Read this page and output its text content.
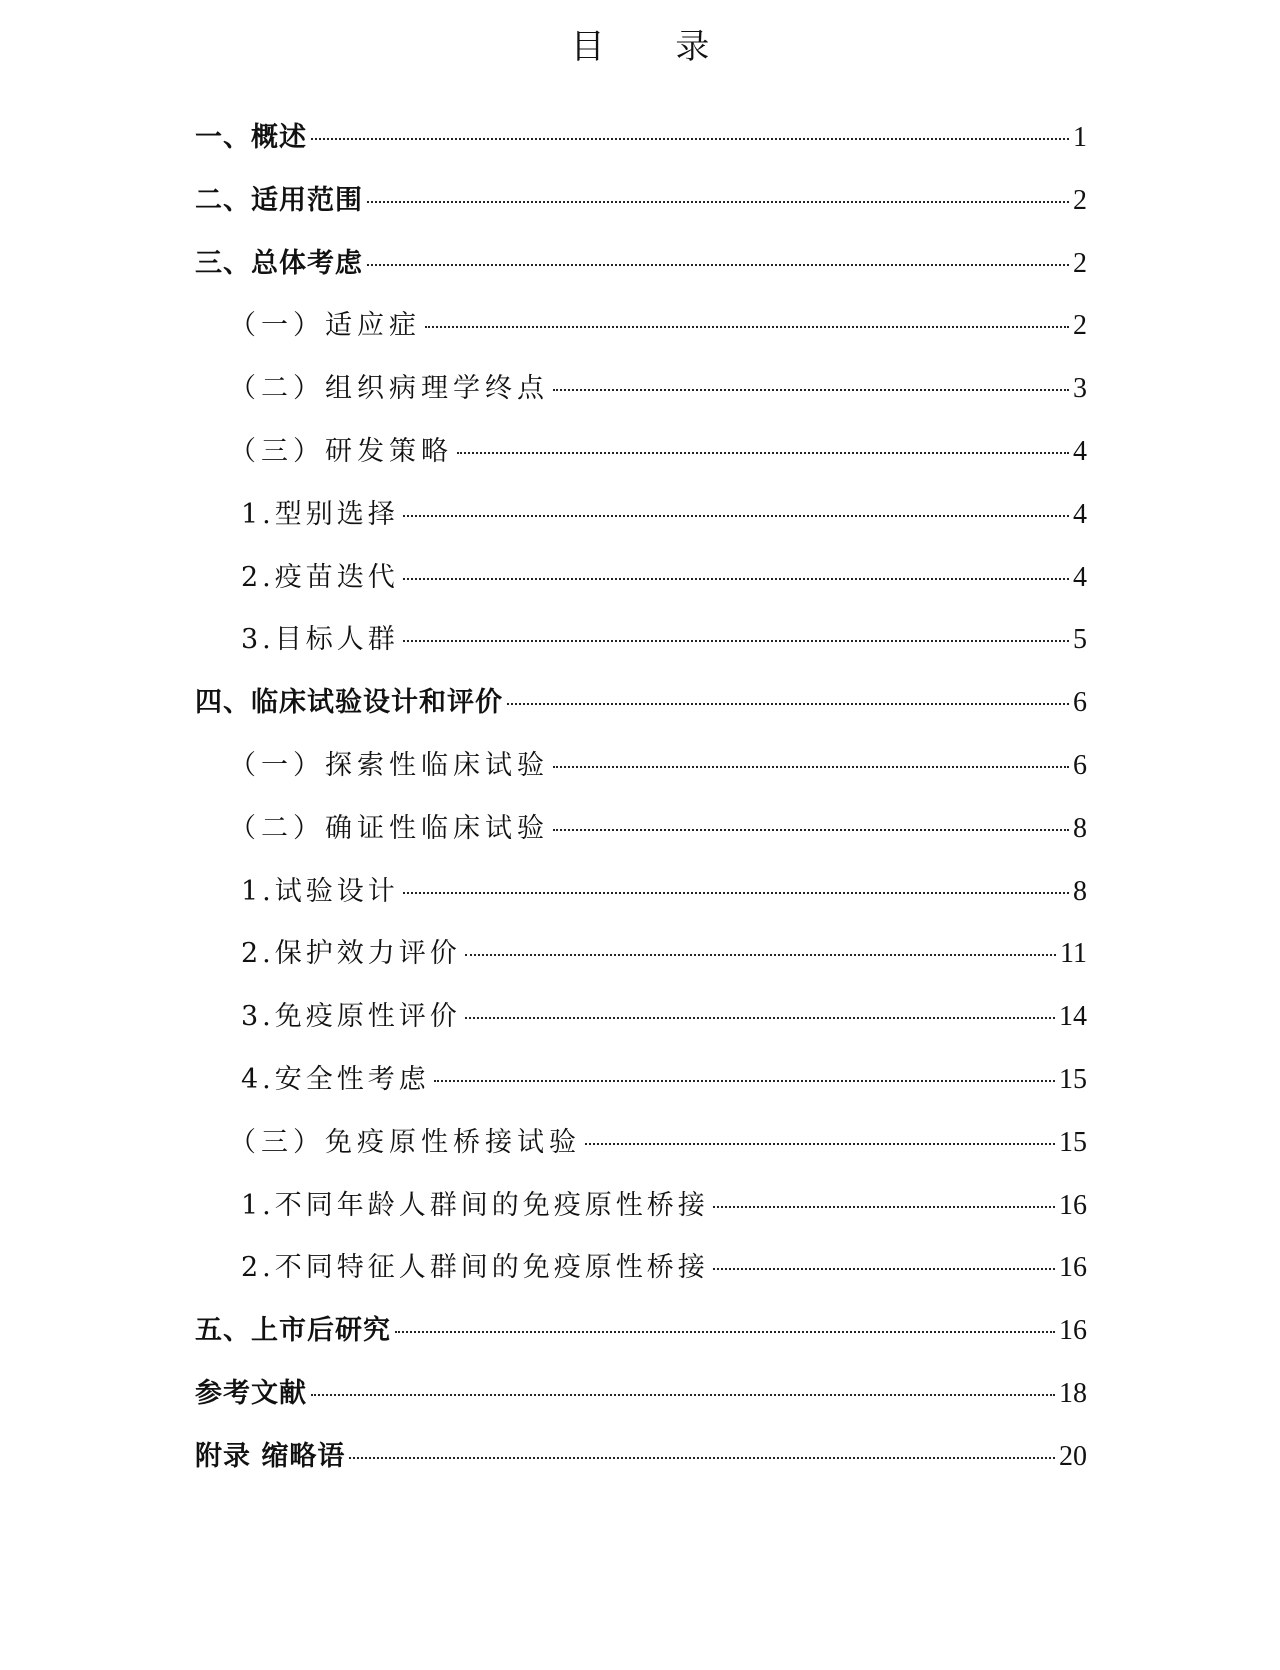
目 录
一、概述	1
二、适用范围	2
三、总体考虑	2
（一）适应症	2
（二）组织病理学终点	3
（三）研发策略	4
1.型别选择	4
2.疫苗迭代	4
3.目标人群	5
四、临床试验设计和评价	6
（一）探索性临床试验	6
（二）确证性临床试验	8
1.试验设计	8
2.保护效力评价	11
3.免疫原性评价	14
4.安全性考虑	15
（三）免疫原性桥接试验	15
1.不同年龄人群间的免疫原性桥接	16
2.不同特征人群间的免疫原性桥接	16
五、上市后研究	16
参考文献	18
附录 缩略语	20
